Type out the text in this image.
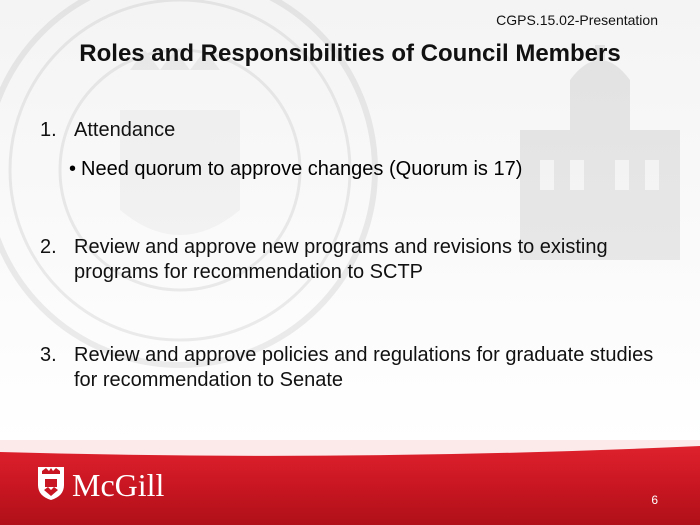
CGPS.15.02-Presentation
Roles and Responsibilities of Council Members
1. Attendance
2. Review and approve new programs and revisions to existing programs for recommendation to SCTP
3. Review and approve policies and regulations for graduate studies for recommendation to Senate
• Need quorum to approve changes (Quorum is 17)
McGill	6
